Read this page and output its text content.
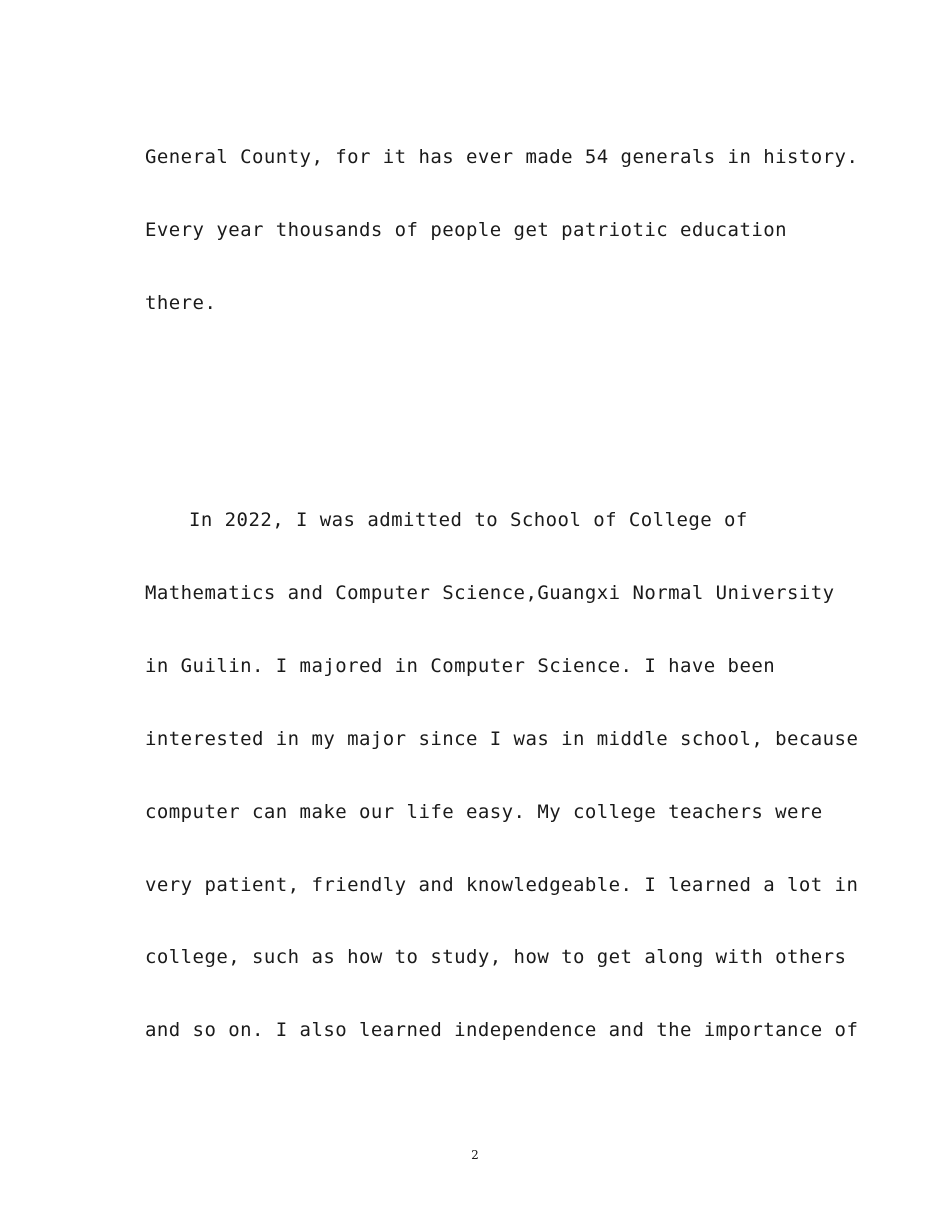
General County, for it has ever made 54 generals in history.

Every year thousands of people get patriotic education

there.

In 2022, I was admitted to School of College of

Mathematics and Computer Science,Guangxi Normal University

in Guilin. I majored in Computer Science. I have been

interested in my major since I was in middle school, because

computer can make our life easy. My college teachers were

very patient, friendly and knowledgeable. I learned a lot in

college, such as how to study, how to get along with others

and so on. I also learned independence and the importance of

2
